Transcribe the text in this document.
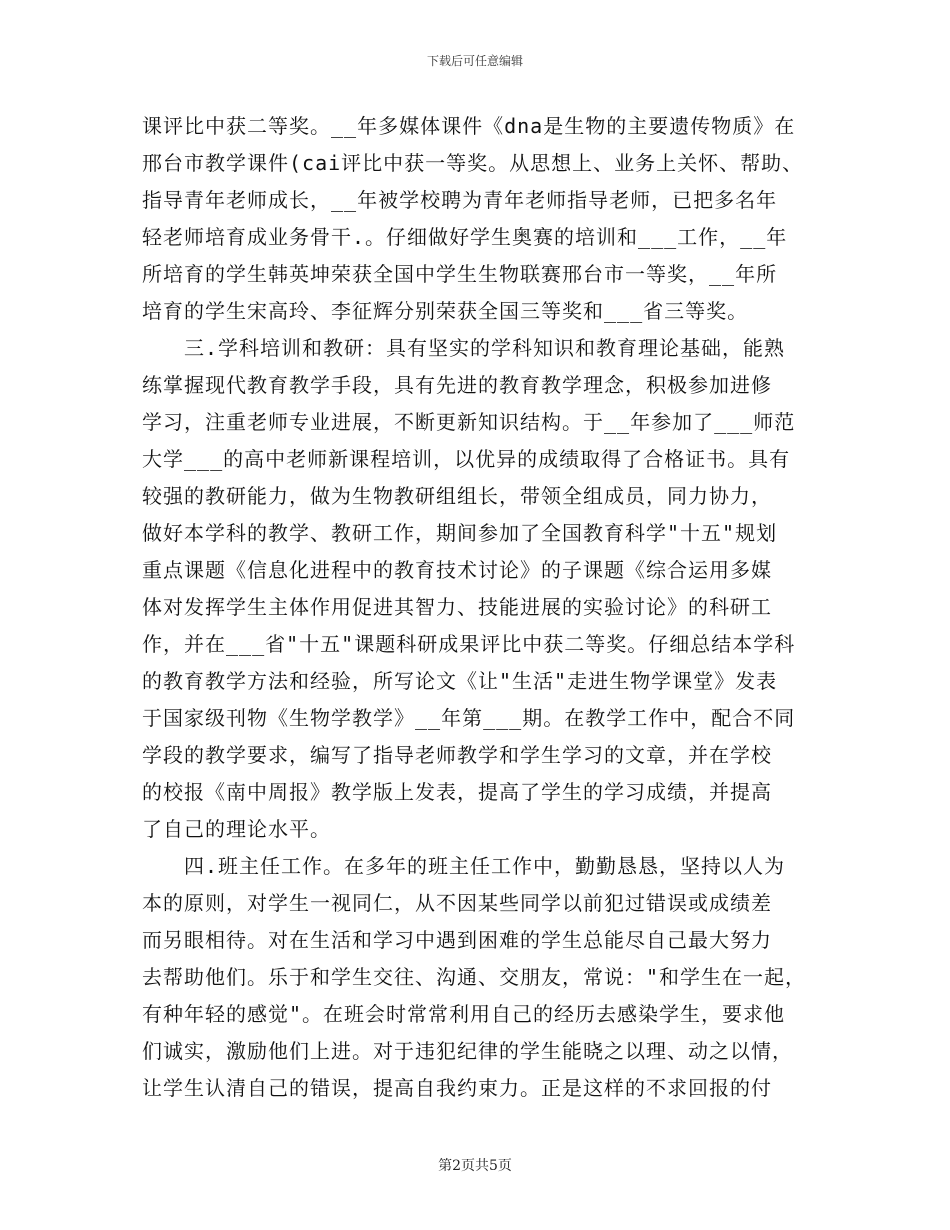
下载后可任意编辑
课评比中获二等奖。__年多媒体课件《dna是生物的主要遗传物质》在
邢台市教学课件(cai评比中获一等奖。从思想上、业务上关怀、帮助、
指导青年老师成长，__年被学校聘为青年老师指导老师，已把多名年
轻老师培育成业务骨干.。仔细做好学生奥赛的培训和___工作，__年
所培育的学生韩英坤荣获全国中学生生物联赛邢台市一等奖，__年所
培育的学生宋高玲、李征辉分别荣获全国三等奖和___省三等奖。
　　三.学科培训和教研：具有坚实的学科知识和教育理论基础，能熟
练掌握现代教育教学手段，具有先进的教育教学理念，积极参加进修
学习，注重老师专业进展，不断更新知识结构。于__年参加了___师范
大学___的高中老师新课程培训，以优异的成绩取得了合格证书。具有
较强的教研能力，做为生物教研组组长，带领全组成员，同力协力，
做好本学科的教学、教研工作，期间参加了全国教育科学"十五"规划
重点课题《信息化进程中的教育技术讨论》的子课题《综合运用多媒
体对发挥学生主体作用促进其智力、技能进展的实验讨论》的科研工
作，并在___省"十五"课题科研成果评比中获二等奖。仔细总结本学科
的教育教学方法和经验，所写论文《让"生活"走进生物学课堂》发表
于国家级刊物《生物学教学》__年第___期。在教学工作中，配合不同
学段的教学要求，编写了指导老师教学和学生学习的文章，并在学校
的校报《南中周报》教学版上发表，提高了学生的学习成绩，并提高
了自己的理论水平。
　　四.班主任工作。在多年的班主任工作中，勤勤恳恳，坚持以人为
本的原则，对学生一视同仁，从不因某些同学以前犯过错误或成绩差
而另眼相待。对在生活和学习中遇到困难的学生总能尽自己最大努力
去帮助他们。乐于和学生交往、沟通、交朋友，常说："和学生在一起，
有种年轻的感觉"。在班会时常常利用自己的经历去感染学生，要求他
们诚实，激励他们上进。对于违犯纪律的学生能晓之以理、动之以情，
让学生认清自己的错误，提高自我约束力。正是这样的不求回报的付
第2页共5页
